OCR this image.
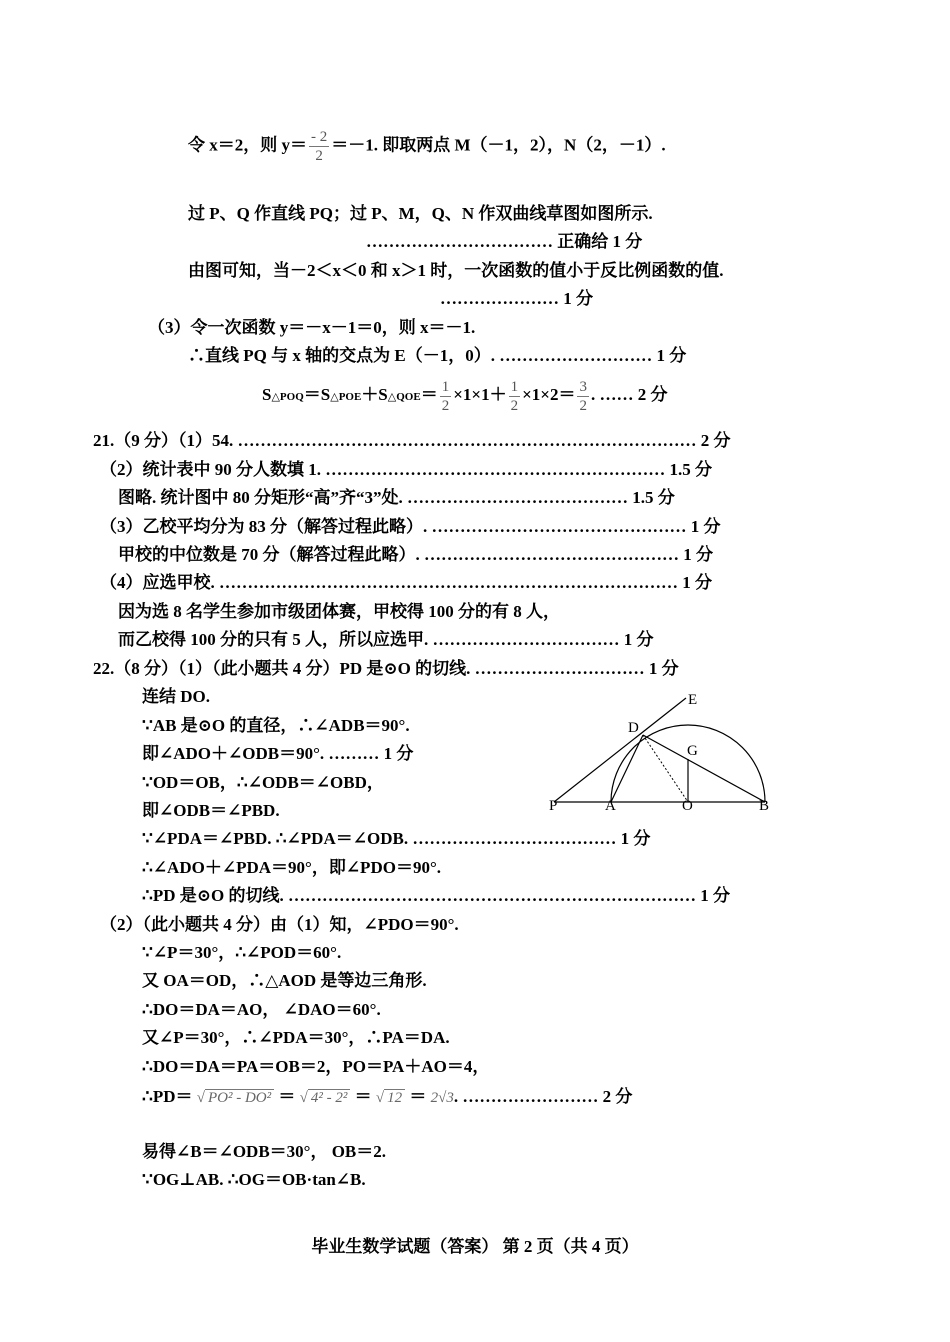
令 x＝2，则 $y= \frac{- 2}{2} =-1$. 即取两点 M（－1，2），N（2，－1）.
过 P、Q 作直线 PQ；过 P、M，Q、N 作双曲线草图如图所示.
…………………………… 正确给 1 分
由图可知，当－2＜x＜0 和 x＞1 时，一次函数的值小于反比例函数的值.
………………… 1 分
（3）令一次函数 y＝－x－1＝0，则 x＝－1.
∴直线 PQ 与 x 轴的交点为 E（－1，0）. ……………………… 1 分
S△POQ＝S△POE＋S△QOE＝ $\frac{1}{2} \times 1\times 1+ \frac{1}{2} \times 1\times 2= \frac{3}{2}$ . …… 2 分
21.（9 分）（1）54. ……………………………………………………………………… 2 分
（2）统计表中 90 分人数填 1. …………………………………………………… 1.5 分
图略. 统计图中 80 分矩形“高”齐“3”处. ………………………………… 1.5 分
（3）乙校平均分为 83 分（解答过程此略）. ……………………………………… 1 分
甲校的中位数是 70 分（解答过程此略）. ……………………………………… 1 分
（4）应选甲校. ……………………………………………………………………… 1 分
因为选 8 名学生参加市级团体赛，甲校得 100 分的有 8 人，
而乙校得 100 分的只有 5 人，所以应选甲. …………………………… 1 分
22.（8 分）（1）（此小题共 4 分）PD 是⊙O 的切线. ………………………… 1 分
连结 DO.
∵AB 是⊙O 的直径，∴∠ADB＝90°.
即∠ADO＋∠ODB＝90°. ……… 1 分
∵OD＝OB，∴∠ODB＝∠OBD，
即∠ODB＝∠PBD.
∵∠PDA＝∠PBD. ∴∠PDA＝∠ODB. ……………………………… 1 分
∴∠ADO＋∠PDA＝90°，即∠PDO＝90°.
∴PD 是⊙O 的切线. ……………………………………………………………… 1 分
（2）（此小题共 4 分）由（1）知，∠PDO＝90°.
∵∠P＝30°，∴∠POD＝60°.
又 OA＝OD，∴△AOD 是等边三角形.
∴DO＝DA＝AO， ∠DAO＝60°.
又∠P＝30°，∴∠PDA＝30°，∴PA＝DA.
∴DO＝DA＝PA＝OB＝2，PO＝PA＋AO＝4，
∴PD＝ √ PO² - DO² ＝ √ 4² - 2² ＝ √ 12 ＝ 2√3. …………………… 2 分
易得∠B＝∠ODB＝30°， OB＝2.
∵OG⊥AB. ∴OG＝OB·tan∠B.
E
D
G
P	A	O	B
毕业生数学试题（答案） 第 2 页（共 4 页）
